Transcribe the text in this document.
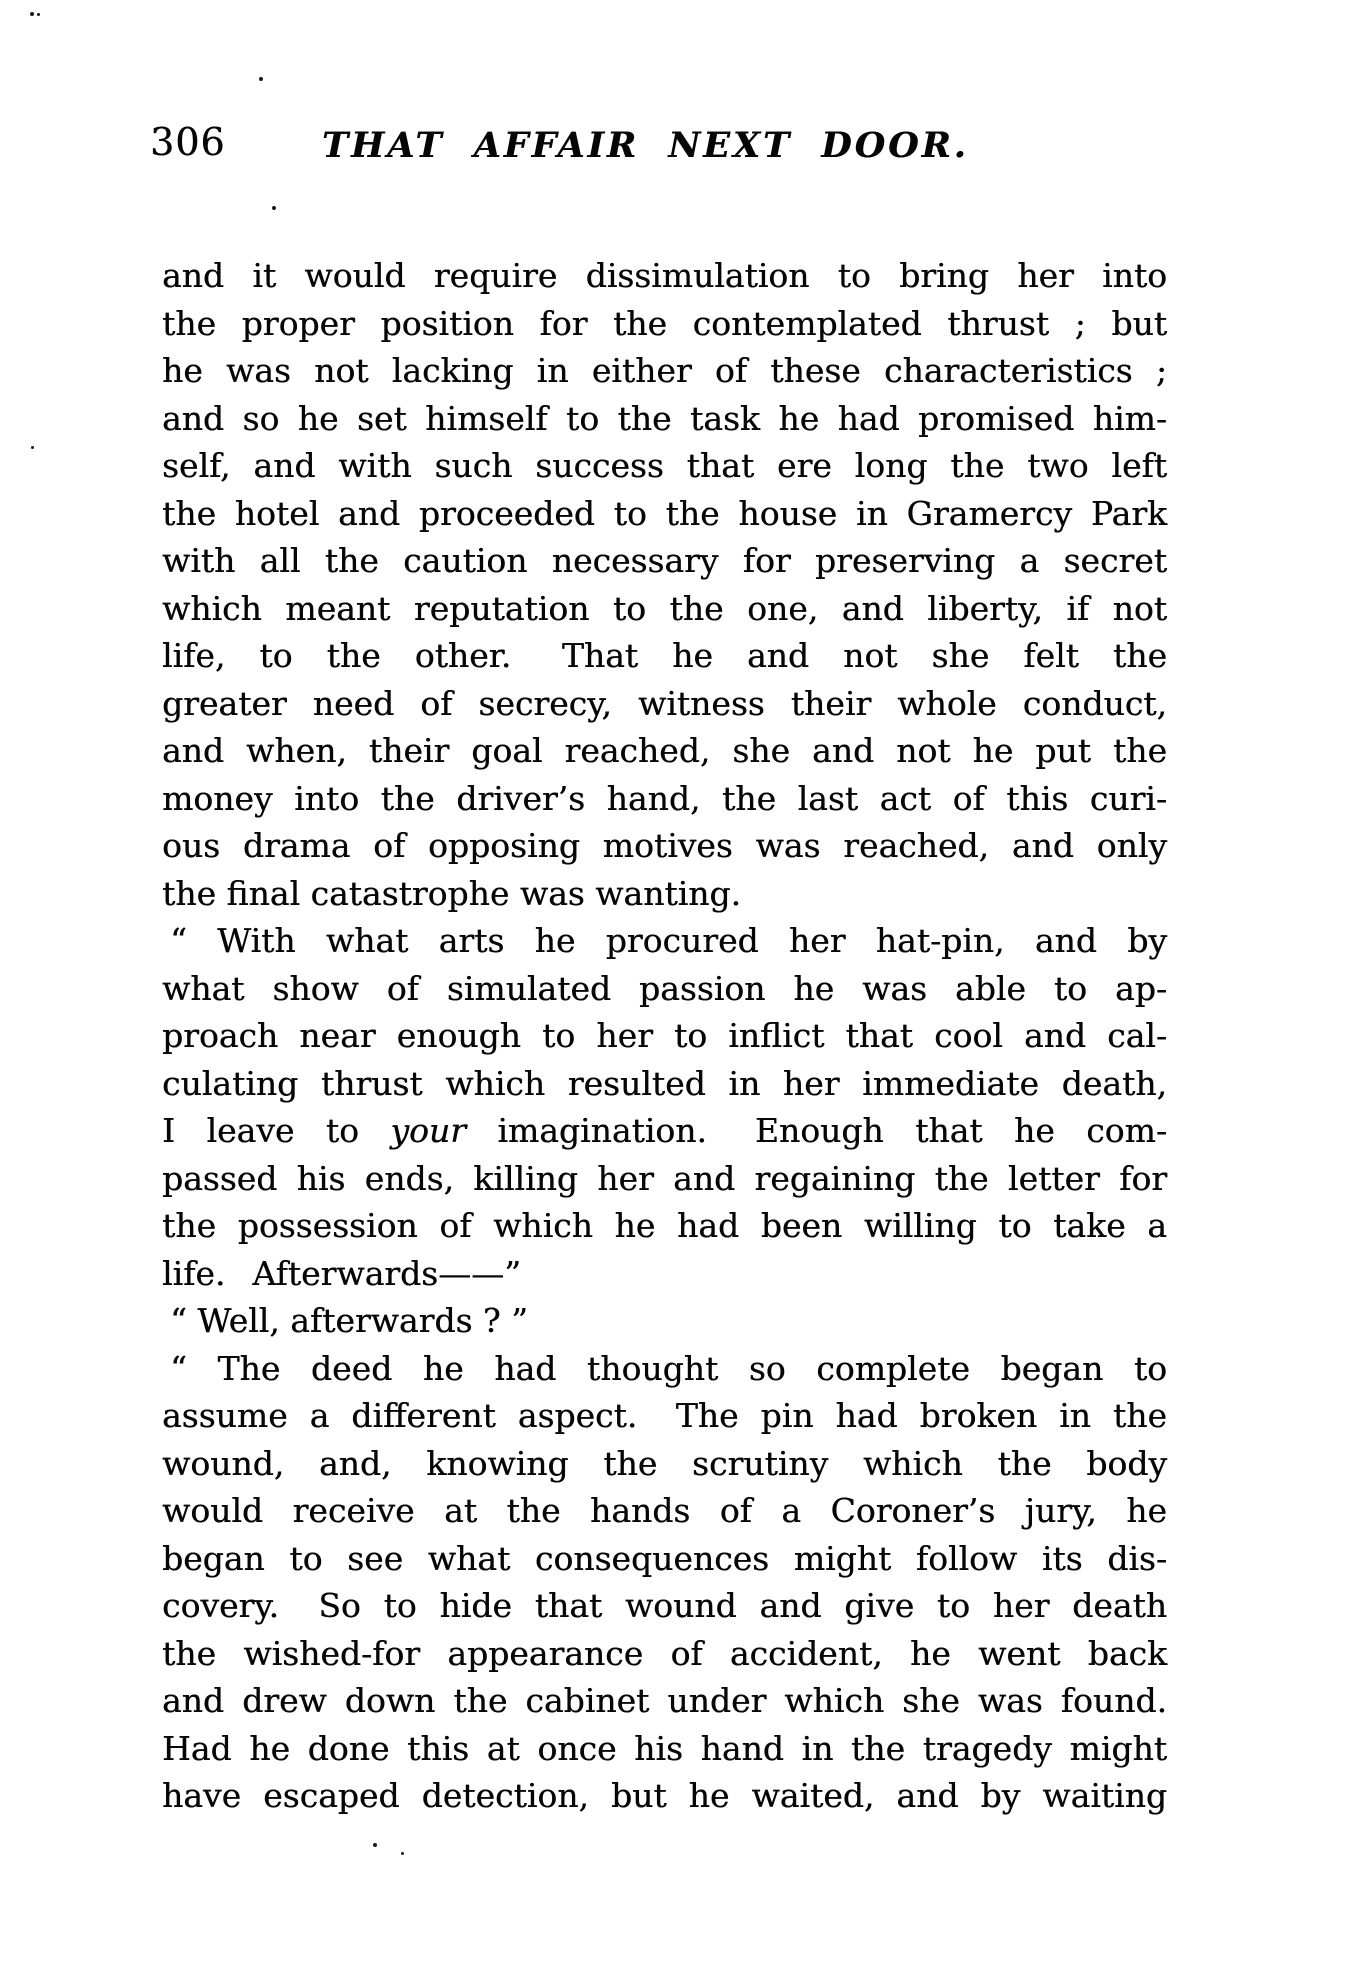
306	THAT AFFAIR NEXT DOOR.
and it would require dissimulation to bring her into
the proper position for the contemplated thrust ; but
he was not lacking in either of these characteristics ;
and so he set himself to the task he had promised him-
self, and with such success that ere long the two left
the hotel and proceeded to the house in Gramercy Park
with all the caution necessary for preserving a secret
which meant reputation to the one, and liberty, if not
life, to the other.  That he and not she felt the
greater need of secrecy, witness their whole conduct,
and when, their goal reached, she and not he put the
money into the driver’s hand, the last act of this curi-
ous drama of opposing motives was reached, and only
the final catastrophe was wanting.
“ With what arts he procured her hat-pin, and by
what show of simulated passion he was able to ap-
proach near enough to her to inflict that cool and cal-
culating thrust which resulted in her immediate death,
I leave to your imagination.  Enough that he com-
passed his ends, killing her and regaining the letter for
the possession of which he had been willing to take a
life.  Afterwards——”
“ Well, afterwards ? ”
“ The deed he had thought so complete began to
assume a different aspect.  The pin had broken in the
wound, and, knowing the scrutiny which the body
would receive at the hands of a Coroner’s jury, he
began to see what consequences might follow its dis-
covery.  So to hide that wound and give to her death
the wished-for appearance of accident, he went back
and drew down the cabinet under which she was found.
Had he done this at once his hand in the tragedy might
have escaped detection, but he waited, and by waiting
